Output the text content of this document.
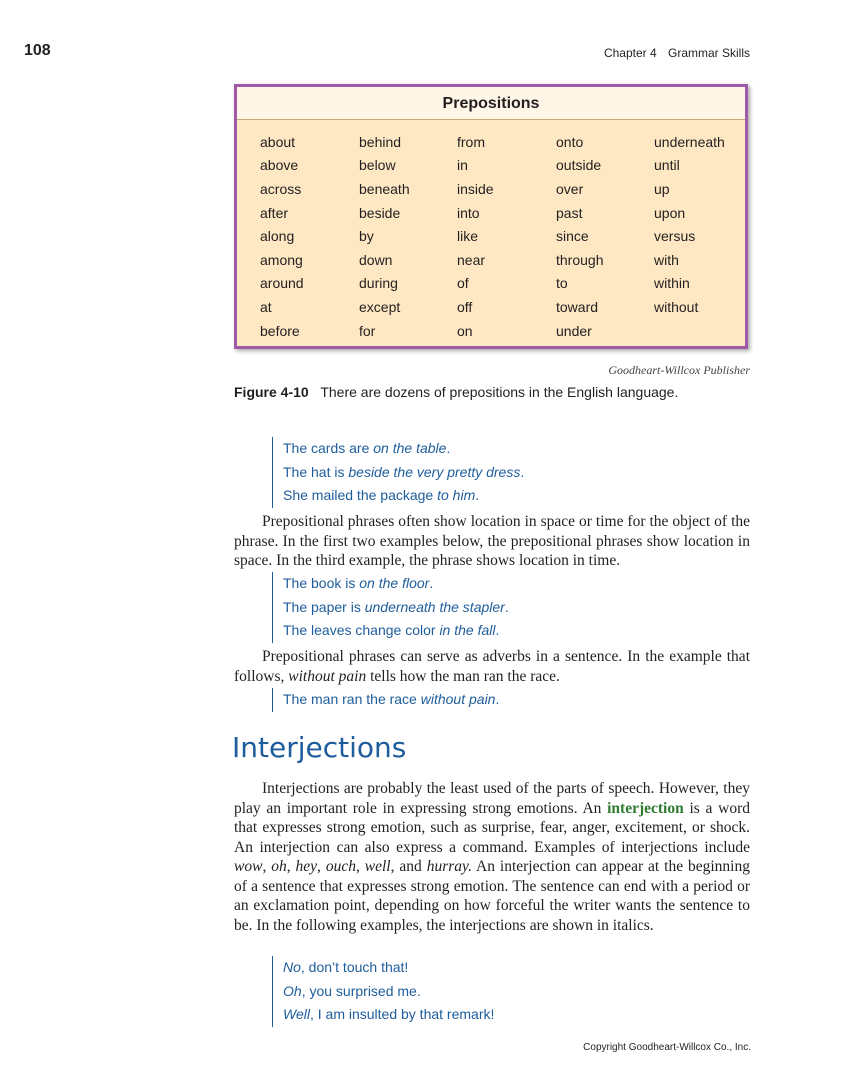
108	Chapter 4 Grammar Skills
Prepositions
about	behind	from	onto	underneath
above	below	in	outside	until
across	beneath	inside	over	up
after	beside	into	past	upon
along	by	like	since	versus
among	down	near	through	with
around	during	of	to	within
at	except	off	toward	without
before	for	on	under
Goodheart-Willcox Publisher
Figure 4-10 There are dozens of prepositions in the English language.
The cards are on the table.
The hat is beside the very pretty dress.
She mailed the package to him.

Prepositional phrases often show location in space or time for the object of the phrase. In the first two examples below, the prepositional phrases show location in space. In the third example, the phrase shows location in time.

The book is on the floor.
The paper is underneath the stapler.
The leaves change color in the fall.

Prepositional phrases can serve as adverbs in a sentence. In the example that follows, without pain tells how the man ran the race.

The man ran the race without pain.
Interjections

Interjections are probably the least used of the parts of speech. However, they play an important role in expressing strong emotions. An interjection is a word that expresses strong emotion, such as surprise, fear, anger, excitement, or shock. An interjection can also express a command. Examples of interjections include wow, oh, hey, ouch, well, and hurray. An interjection can appear at the beginning of a sentence that expresses strong emotion. The sentence can end with a period or an exclamation point, depending on how forceful the writer wants the sentence to be. In the following examples, the interjections are shown in italics.

No, don’t touch that!
Oh, you surprised me.
Well, I am insulted by that remark!
Copyright Goodheart-Willcox Co., Inc.
